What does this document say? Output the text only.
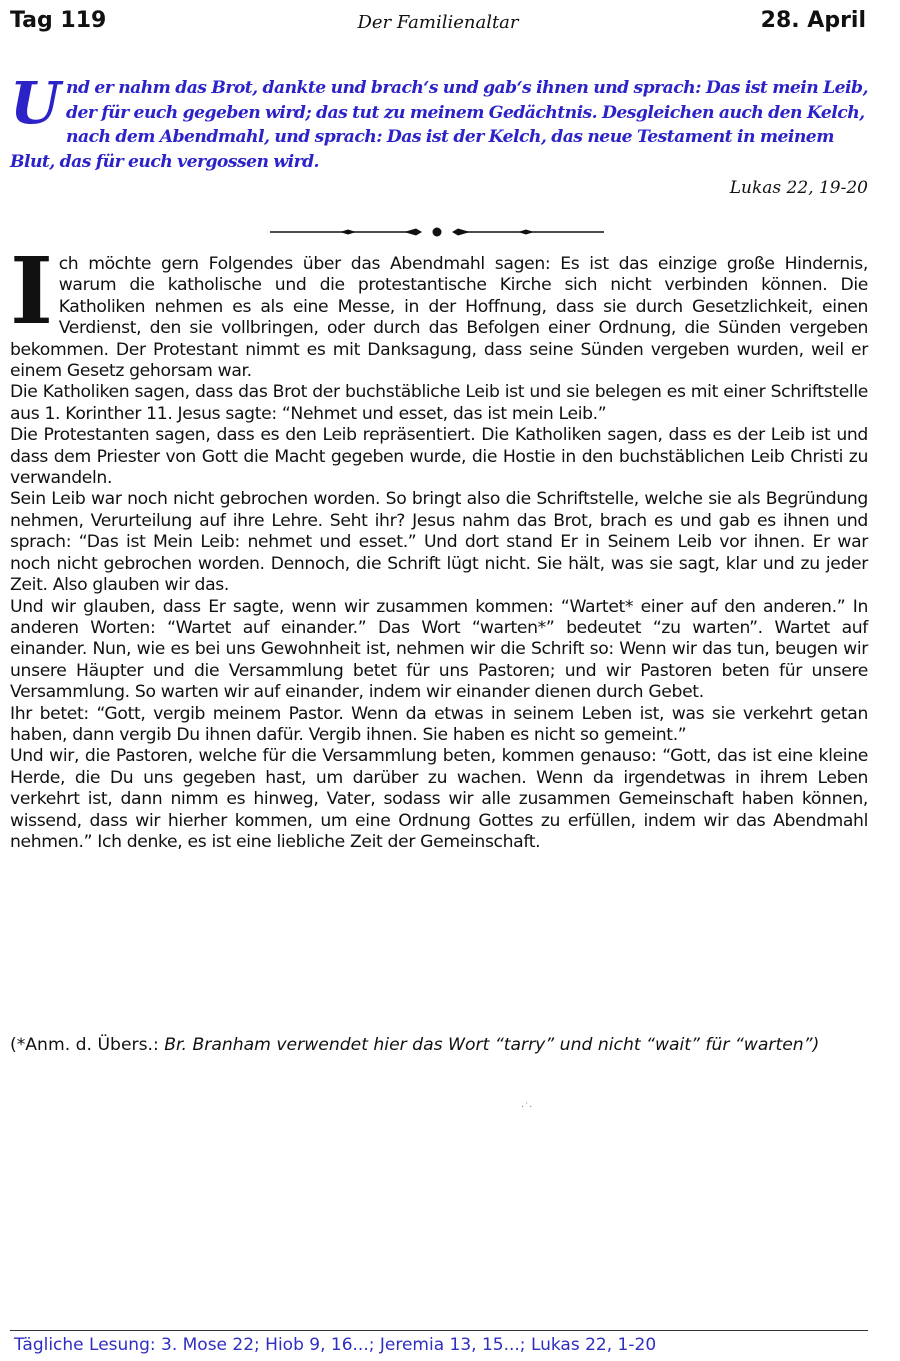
Tag 119	Der Familienaltar	28. April
U nd er nahm das Brot, dankte und brach‘s und gab‘s ihnen und sprach: Das ist mein Leib, der für euch gegeben wird; das tut zu meinem Gedächtnis. Desgleichen auch den Kelch, nach dem Abendmahl, und sprach: Das ist der Kelch, das neue Testament in meinem Blut, das für euch vergossen wird.
Lukas 22, 19-20

Ich möchte gern Folgendes über das Abendmahl sagen: Es ist das einzige große Hindernis, warum die katholische und die protestantische Kirche sich nicht verbinden können. Die Katholiken nehmen es als eine Messe, in der Hoffnung, dass sie durch Gesetzlichkeit, einen Verdienst, den sie vollbringen, oder durch das Befolgen einer Ordnung, die Sünden vergeben bekommen. Der Protestant nimmt es mit Danksagung, dass seine Sünden vergeben wurden, weil er einem Gesetz gehorsam war.

Die Katholiken sagen, dass das Brot der buchstäbliche Leib ist und sie belegen es mit einer Schriftstelle aus 1. Korinther 11. Jesus sagte: “Nehmet und esset, das ist mein Leib.”

Die Protestanten sagen, dass es den Leib repräsentiert. Die Katholiken sagen, dass es der Leib ist und dass dem Priester von Gott die Macht gegeben wurde, die Hostie in den buchstäblichen Leib Christi zu verwandeln.

Sein Leib war noch nicht gebrochen worden. So bringt also die Schriftstelle, welche sie als Begründung nehmen, Verurteilung auf ihre Lehre. Seht ihr? Jesus nahm das Brot, brach es und gab es ihnen und sprach: “Das ist Mein Leib: nehmet und esset.” Und dort stand Er in Seinem Leib vor ihnen. Er war noch nicht gebrochen worden. Dennoch, die Schrift lügt nicht. Sie hält, was sie sagt, klar und zu jeder Zeit. Also glauben wir das.

Und wir glauben, dass Er sagte, wenn wir zusammen kommen: “Wartet* einer auf den anderen.” In anderen Worten: “Wartet auf einander.” Das Wort “warten*” bedeutet “zu warten”. Wartet auf einander. Nun, wie es bei uns Gewohnheit ist, nehmen wir die Schrift so: Wenn wir das tun, beugen wir unsere Häupter und die Versammlung betet für uns Pastoren; und wir Pastoren beten für unsere Versammlung. So warten wir auf einander, indem wir einander dienen durch Gebet.

Ihr betet: “Gott, vergib meinem Pastor. Wenn da etwas in seinem Leben ist, was sie verkehrt getan haben, dann vergib Du ihnen dafür. Vergib ihnen. Sie haben es nicht so gemeint.”

Und wir, die Pastoren, welche für die Versammlung beten, kommen genauso: “Gott, das ist eine kleine Herde, die Du uns gegeben hast, um darüber zu wachen. Wenn da irgendetwas in ihrem Leben verkehrt ist, dann nimm es hinweg, Vater, sodass wir alle zusammen Gemeinschaft haben können, wissend, dass wir hierher kommen, um eine Ordnung Gottes zu erfüllen, indem wir das Abendmahl nehmen.” Ich denke, es ist eine liebliche Zeit der Gemeinschaft.

(*Anm. d. Übers.: Br. Branham verwendet hier das Wort “tarry” und nicht “wait” für “warten”)
·˙·
Tägliche Lesung: 3. Mose 22; Hiob 9, 16...; Jeremia 13, 15...; Lukas 22, 1-20
